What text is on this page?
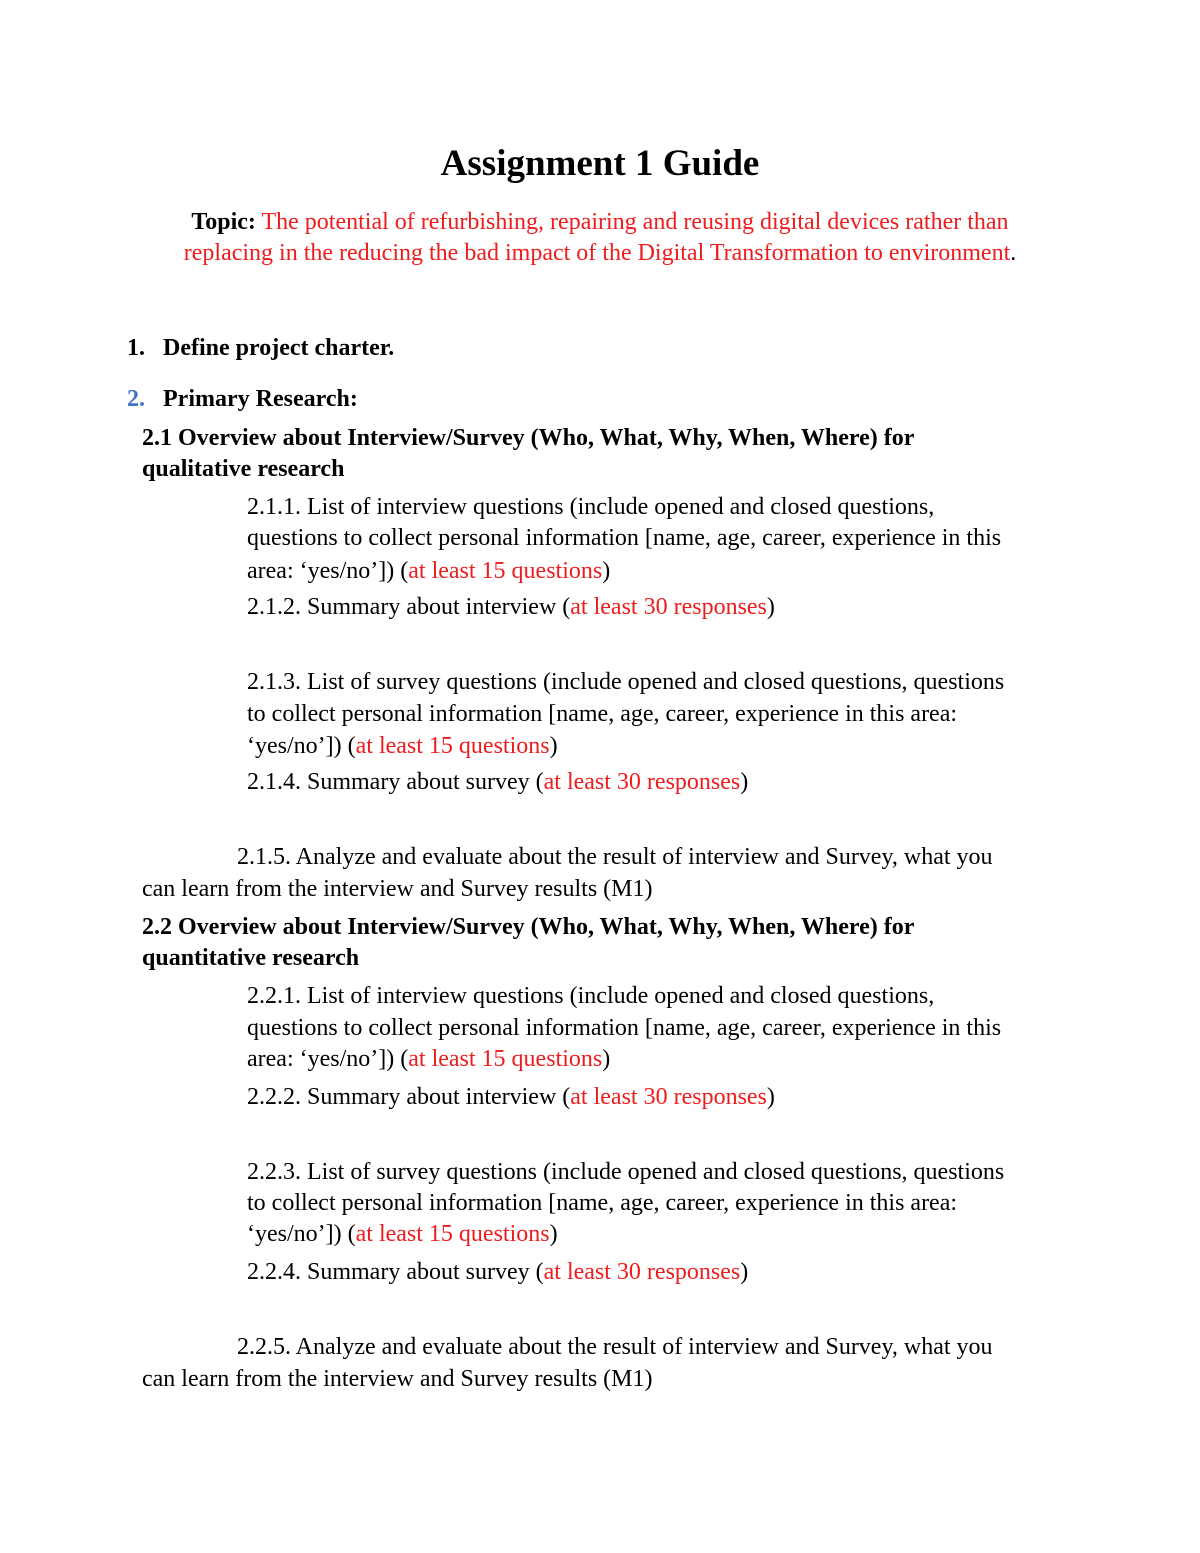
Assignment 1 Guide
Topic: The potential of refurbishing, repairing and reusing digital devices rather than
replacing in the reducing the bad impact of the Digital Transformation to environment.
1. Define project charter.
2. Primary Research:
2.1 Overview about Interview/Survey (Who, What, Why, When, Where) for
qualitative research
2.1.1. List of interview questions (include opened and closed questions,
questions to collect personal information [name, age, career, experience in this
area: ‘yes/no’]) (at least 15 questions)
2.1.2. Summary about interview (at least 30 responses)
2.1.3. List of survey questions (include opened and closed questions, questions
to collect personal information [name, age, career, experience in this area:
‘yes/no’]) (at least 15 questions)
2.1.4. Summary about survey (at least 30 responses)
2.1.5. Analyze and evaluate about the result of interview and Survey, what you
can learn from the interview and Survey results (M1)
2.2 Overview about Interview/Survey (Who, What, Why, When, Where) for
quantitative research
2.2.1. List of interview questions (include opened and closed questions,
questions to collect personal information [name, age, career, experience in this
area: ‘yes/no’]) (at least 15 questions)
2.2.2. Summary about interview (at least 30 responses)
2.2.3. List of survey questions (include opened and closed questions, questions
to collect personal information [name, age, career, experience in this area:
‘yes/no’]) (at least 15 questions)
2.2.4. Summary about survey (at least 30 responses)
2.2.5. Analyze and evaluate about the result of interview and Survey, what you
can learn from the interview and Survey results (M1)
